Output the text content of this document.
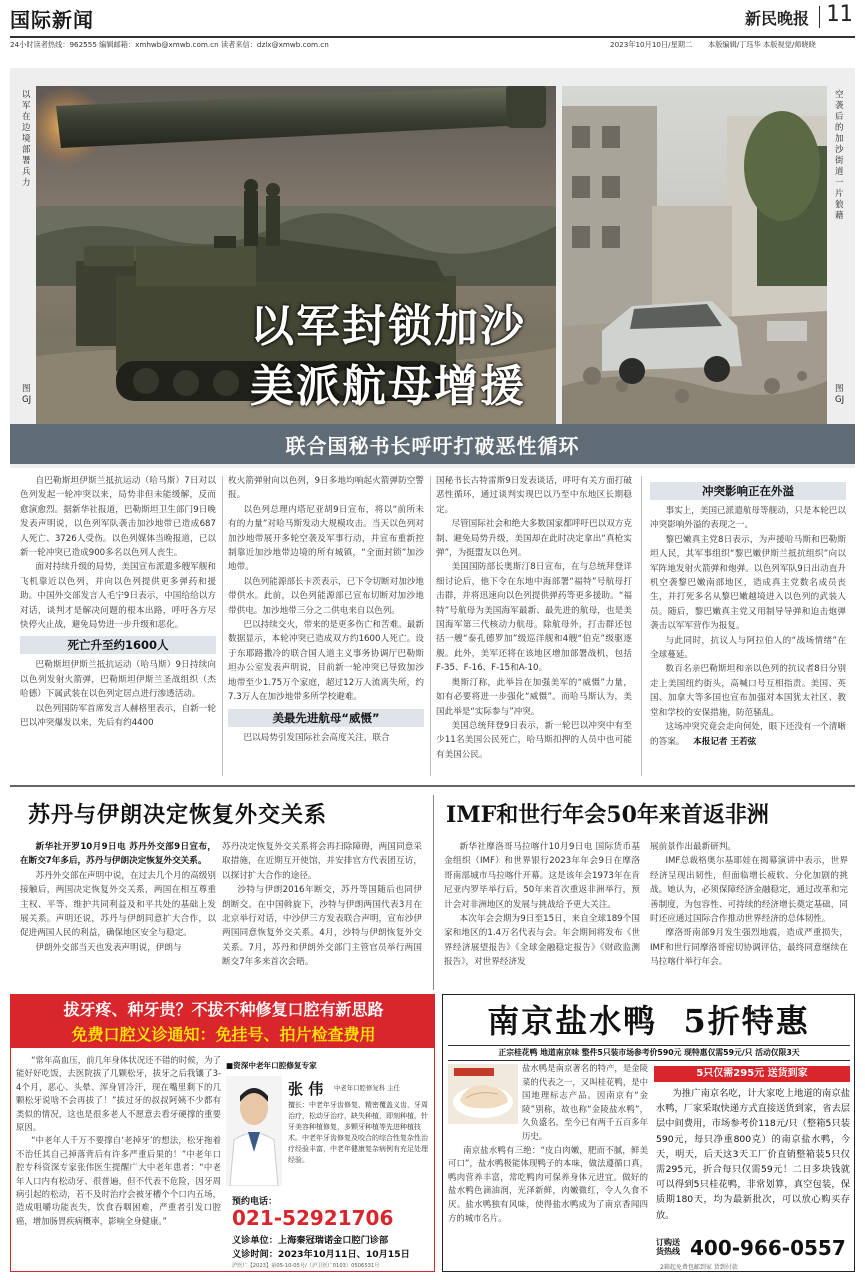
国际新闻	新民晚报 11
24小时读者热线：962555 编辑邮箱：xmhwb@xmwb.com.cn 读者来信：dzlx@xmwb.com.cn	2023年10月10日/星期二 本版编辑/丁珏华 本版视觉/师晓晓
以军在边境部署兵力
图GJ
空袭后的加沙街道一片狼藉
图GJ
以军封锁加沙
美派航母增援
联合国秘书长呼吁打破恶性循环

自巴勒斯坦伊斯兰抵抗运动（哈马斯）7日对以色列发起一轮冲突以来，局势非但未能缓解，反而愈演愈烈。据新华社报道，巴勒斯坦卫生部门9日晚发表声明说，以色列军队袭击加沙地带已造成687人死亡、3726人受伤。以色列媒体当晚报道，已以新一轮冲突已造成900多名以色列人丧生。

面对持续升级的局势，美国宣布派遣多艘军舰和飞机靠近以色列，并向以色列提供更多弹药和援助。中国外交部发言人毛宁9日表示，中国给给以方对话，谈判才是解决问题的根本出路，呼吁各方尽快停火止战，避免局势进一步升级和恶化。

死亡升至约1600人

巴勒斯坦伊斯兰抵抗运动（哈马斯）9日持续向以色列发射火箭弹，巴勒斯坦伊斯兰圣战组织（杰哈德）下属武装在以色列定居点进行渗透活动。

以色列国防军首席发言人赫格里表示，自新一轮巴以冲突爆发以来，先后有约4400

枚火箭弹射向以色列，9日多地均响起火箭弹防空警报。

以色列总理内塔尼亚胡9日宣布，将以“前所未有的力量”对哈马斯发动大规模攻击。当天以色列对加沙地带展开多轮空袭及军事行动，并宣布重新控制靠近加沙地带边境的所有城镇，“全面封锁”加沙地带。

以色列能源部长卡茨表示，已下令切断对加沙地带供水。此前，以色列能源部已宣布切断对加沙地带供电。加沙地带三分之二供电来自以色列。

巴以持续交火，带来的是更多伤亡和苦难。最新数据显示，本轮冲突已造成双方约1600人死亡。设于东耶路撒冷的联合国人道主义事务协调厅巴勒斯坦办公室发表声明说，目前新一轮冲突已导致加沙地带至少1.75万个家庭，超过12万人流离失所，约7.3万人在加沙地带多所学校避难。

美最先进航母“威慑”

巴以局势引发国际社会高度关注，联合

国秘书长古特雷斯9日发表谈话，呼吁有关方面打破恶性循环，通过谈判实现巴以乃至中东地区长期稳定。

尽管国际社会和绝大多数国家都呼吁巴以双方克制、避免局势升级，美国却在此时决定拿出“真枪实弹”，为挺盟友以色列。

美国国防部长奥斯汀8日宣布，在与总统拜登详细讨论后，他下令在东地中海部署“福特”号航母打击群，并将迅速向以色列提供弹药等更多援助。“福特”号航母为美国海军最新、最先进的航母，也是美国海军第三代核动力航母。除航母外，打击群还包括一艘“泰孔德罗加”级巡洋舰和4艘“伯克”级驱逐舰。此外，美军还将在该地区增加部署战机，包括F-35、F-16、F-15和A-10。

奥斯汀称，此举旨在加强美军的“威慑”力量，如有必要将进一步强化“威慑”。而哈马斯认为，美国此举是“实际参与”冲突。

美国总统拜登9日表示，新一轮巴以冲突中有至少11名美国公民死亡，哈马斯扣押的人员中也可能有美国公民。

冲突影响正在外溢

事实上，美国已派遣航母等舰动，只是本轮巴以冲突影响外溢的表现之一。

黎巴嫩真主党8日表示，为声援哈马斯和巴勒斯坦人民，其军事组织“黎巴嫩伊斯兰抵抗组织”向以军阵地发射火箭弹和炮弹。以色列军队9日出动直升机空袭黎巴嫩南部地区，造成真主党数名成员丧生，并打死多名从黎巴嫩越境进入以色列的武装人员。随后，黎巴嫩真主党又用制导导弹和迫击炮弹袭击以军军营作为报复。

与此同时，抗议人与阿拉伯人的“战场情绪”在全球蔓延。

数百名亲巴勒斯坦和亲以色列的抗议者8日分别走上美国纽约街头，高喊口号互相指责。美国、英国、加拿大等多国也宣布加强对本国犹太社区、教堂和学校的安保措施，防范骚乱。

这场冲突究竟会走向何处，眼下还没有一个清晰的答案。 本报记者 王若弦

苏丹与伊朗决定恢复外交关系

新华社开罗10月9日电 苏丹外交部9日宣布，在断交7年多后，苏丹与伊朗决定恢复外交关系。

苏丹外交部在声明中说，在过去几个月的高级别接触后，两国决定恢复外交关系，两国在相互尊重主权、平等、维护共同利益及和平共处的基础上发展关系。声明还说，苏丹与伊朗同意扩大合作，以促进两国人民的利益，确保地区安全与稳定。

伊朗外交部当天也发表声明说，伊朗与

苏丹决定恢复外交关系将会再扫除障碍，两国同意采取措施，在近期互开使馆，并安排官方代表团互访，以探讨扩大合作的途径。

沙特与伊朗2016年断交，苏丹等国随后也同伊朗断交。在中国斡旋下，沙特与伊朗两国代表3月在北京举行对话，中沙伊三方发表联合声明，宣布沙伊两国同意恢复外交关系。4月，沙特与伊朗恢复外交关系。7月，苏丹和伊朗外交部门主管官员举行两国断交7年多来首次会晤。

IMF和世行年会50年来首返非洲

新华社摩洛哥马拉喀什10月9日电 国际货币基金组织（IMF）和世界银行2023年年会9日在摩洛哥南部城市马拉喀什开幕。这是该年会1973年在肯尼亚内罗毕举行后，50年来首次重返非洲举行，预计会对非洲地区的发展与挑战给予更大关注。

本次年会会期为9日至15日，来自全球189个国家和地区的1.4万名代表与会。年会期间将发布《世界经济展望报告》《全球金融稳定报告》《财政监测报告》，对世界经济发

展前景作出最新研判。

IMF总裁格奥尔基耶娃在揭幕演讲中表示，世界经济呈现出韧性，但面临增长疲软、分化加剧的挑战。她认为，必须保障经济金融稳定，通过改革和完善制度，为包容性、可持续的经济增长奠定基础，同时还应通过国际合作推动世界经济的总体韧性。

摩洛哥南部9月发生强烈地震，造成严重损失，IMF和世行同摩洛哥密切协调评估，最终同意继续在马拉喀什举行年会。

拔牙疼、种牙贵？不拔不种修复口腔有新思路
免费口腔义诊通知：免挂号、拍片检查费用

“常年高血压，前几年身体状况还不错的时候，为了能好好吃饭，去医院拔了几颗松牙，拔牙之后我镶了3-4个月，恶心、头晕、浑身冒冷汗，现在嘴里剩下的几颗松牙说啥不会再拔了！”拔过牙的叔叔阿姨不少都有类似的情况，这也是很多老人不愿意去看牙硬撑的重要原因。

“中老年人千万不要撑自‘老掉牙’的想法，松牙拖着不治任其自己掉落背后有许多严重后果的！”中老年口腔专科资深专家张伟医生提醒广大中老年患者：“中老年人口内有松动牙、很普遍，但不代表不危险，因牙周病引起的松动，若不及时治疗会被牙槽个个口内五场，造成咀嚼功能丧失，饮食吞咽困难，严重者引发口腔癌，增加肠胃疾病概率，影响全身健康。”

■资深中老年口腔修复专家
张 伟 中老年口腔修复科 主任
擅长：中老年牙齿修复，精密覆盖义齿，牙周治疗，松动牙治疗，缺失种植，即刻种植，针牙美容种植修复，多颗牙种植等先进种植技术。中老年牙齿修复及咬合的综合性复杂性治疗经验丰富，中老年健康复杂病例有充足处理经验。
预约电话：
021-52921706
义诊单位：上海秦冠瑞诺金口腔门诊部
义诊时间：2023年10月11日、10月15日
沪医广【2023】第05-10-05号/（沪卫医广0103）0506531号
南京盐水鸭  5折特惠
正宗桂花鸭 地道南京味 整件5只装市场参考价590元 现特惠仅需59元/只 活动仅限3天

盐水鸭是南京著名的特产，是金陵菜的代表之一，又叫桂花鸭，是中国地理标志产品。因南京有“金陵”别称，故也称“金陵盐水鸭”，久负盛名，至今已有两千五百多年历史。

南京盐水鸭有三绝：“皮白肉嫩，肥而不腻，鲜美可口”，盐水鸭极能体现鸭子的本味，做法遵循口真，鸭肉营养丰富，常吃鸭肉可保养身体元进宜。做好的盐水鸭色滴油润，光泽新鲜，肉嫩微红，令人久食不厌。盐水鸭独有风味，使得盐水鸭成为了南京香闻四方的城市名片。

5只仅需295元 送货到家
为推广南京名吃，计大家吃上地道的南京盐水鸭，厂家采取快递方式直接送货到家，省去层层中间费用，市场参考价118元/只（整箱5只装590元，每只净重800克）的南京盐水鸭，今天，明天，后天这3天工厂价直销整箱装5只仅需295元，折合每只仅需59元！二日多块钱就可以得到5只桂花鸭，非常划算，真空包装，保质期180天，均为最新批次，可以放心购买存放。
订购送货热线 400-966-0557
2箱起免费包邮到家 货到付款
